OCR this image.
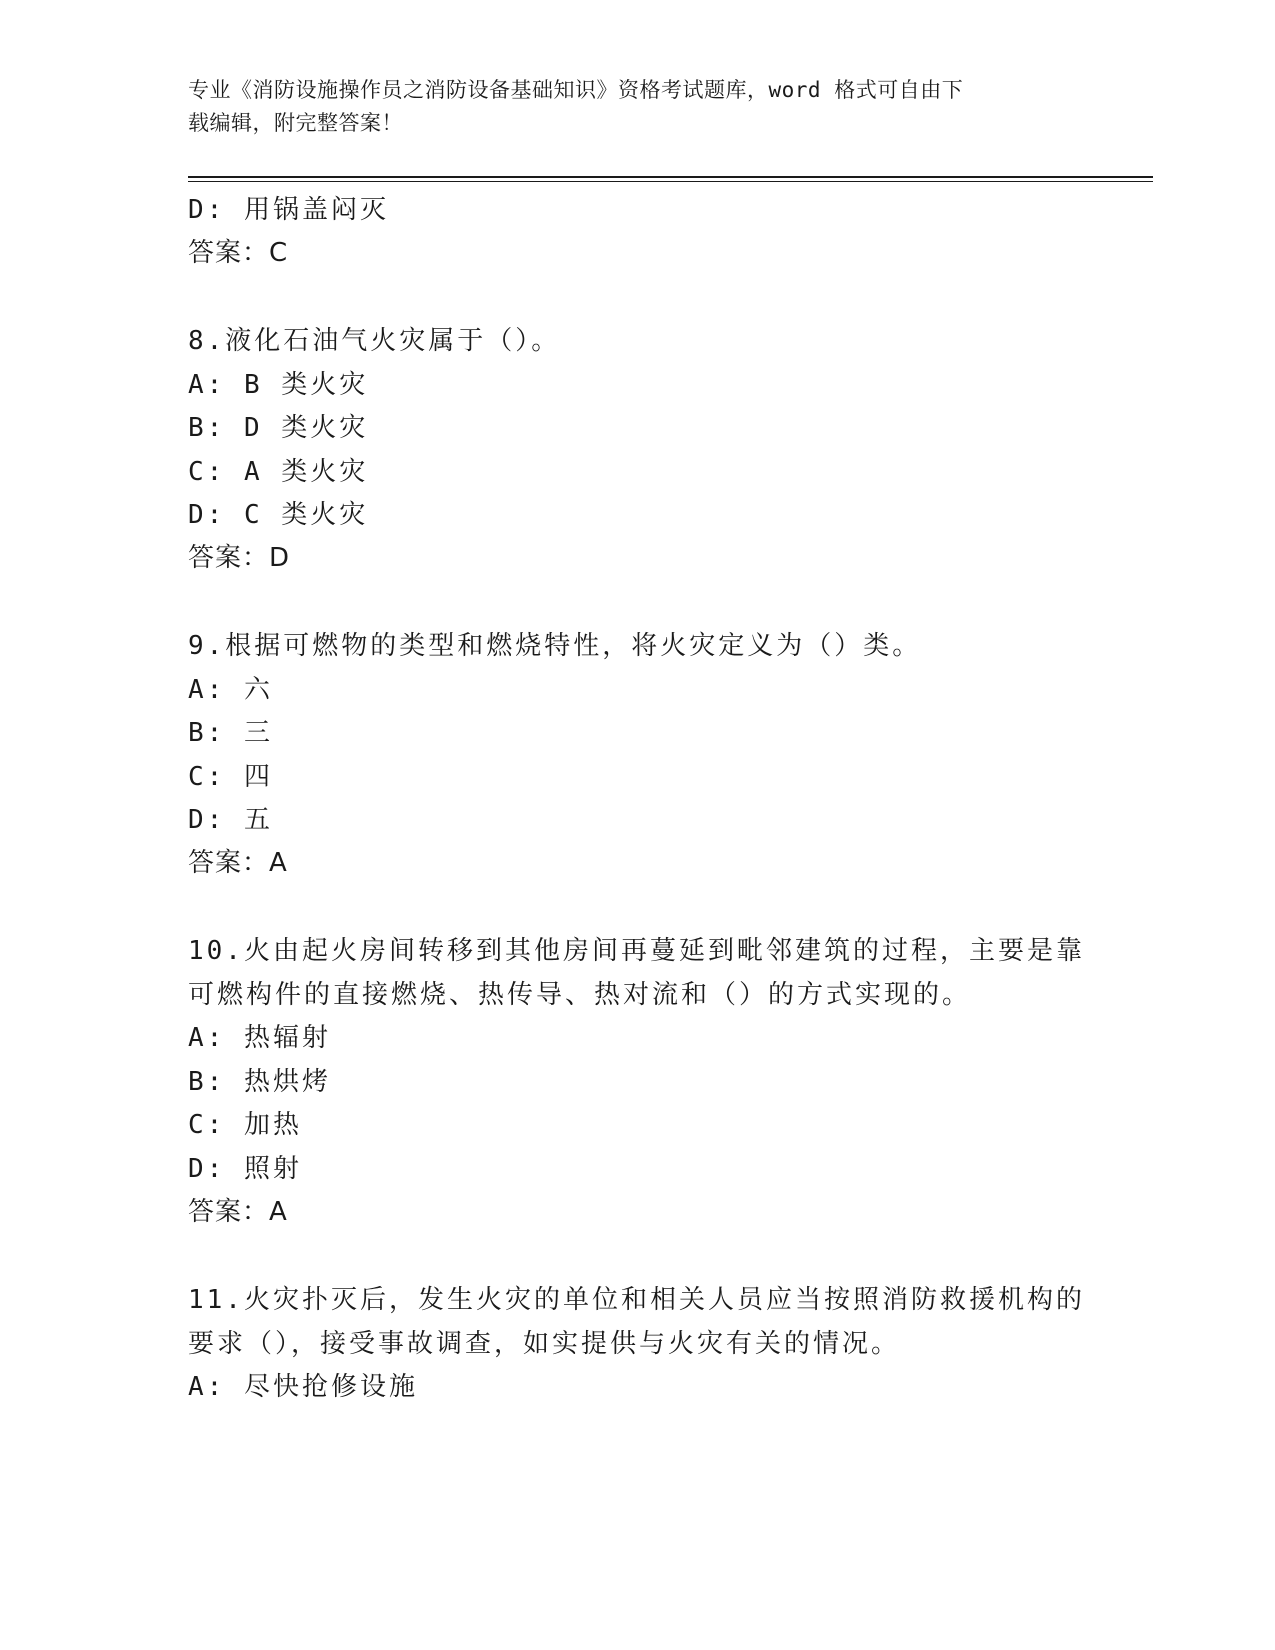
专业《消防设施操作员之消防设备基础知识》资格考试题库，word 格式可自由下
载编辑，附完整答案！
D: 用锅盖闷灭
答案：C
8.液化石油气火灾属于（）。
A: B 类火灾
B: D 类火灾
C: A 类火灾
D: C 类火灾
答案：D
9.根据可燃物的类型和燃烧特性，将火灾定义为（）类。
A: 六
B: 三
C: 四
D: 五
答案：A
10.火由起火房间转移到其他房间再蔓延到毗邻建筑的过程，主要是靠
可燃构件的直接燃烧、热传导、热对流和（）的方式实现的。
A: 热辐射
B: 热烘烤
C: 加热
D: 照射
答案：A
11.火灾扑灭后，发生火灾的单位和相关人员应当按照消防救援机构的
要求（），接受事故调查，如实提供与火灾有关的情况。
A: 尽快抢修设施
